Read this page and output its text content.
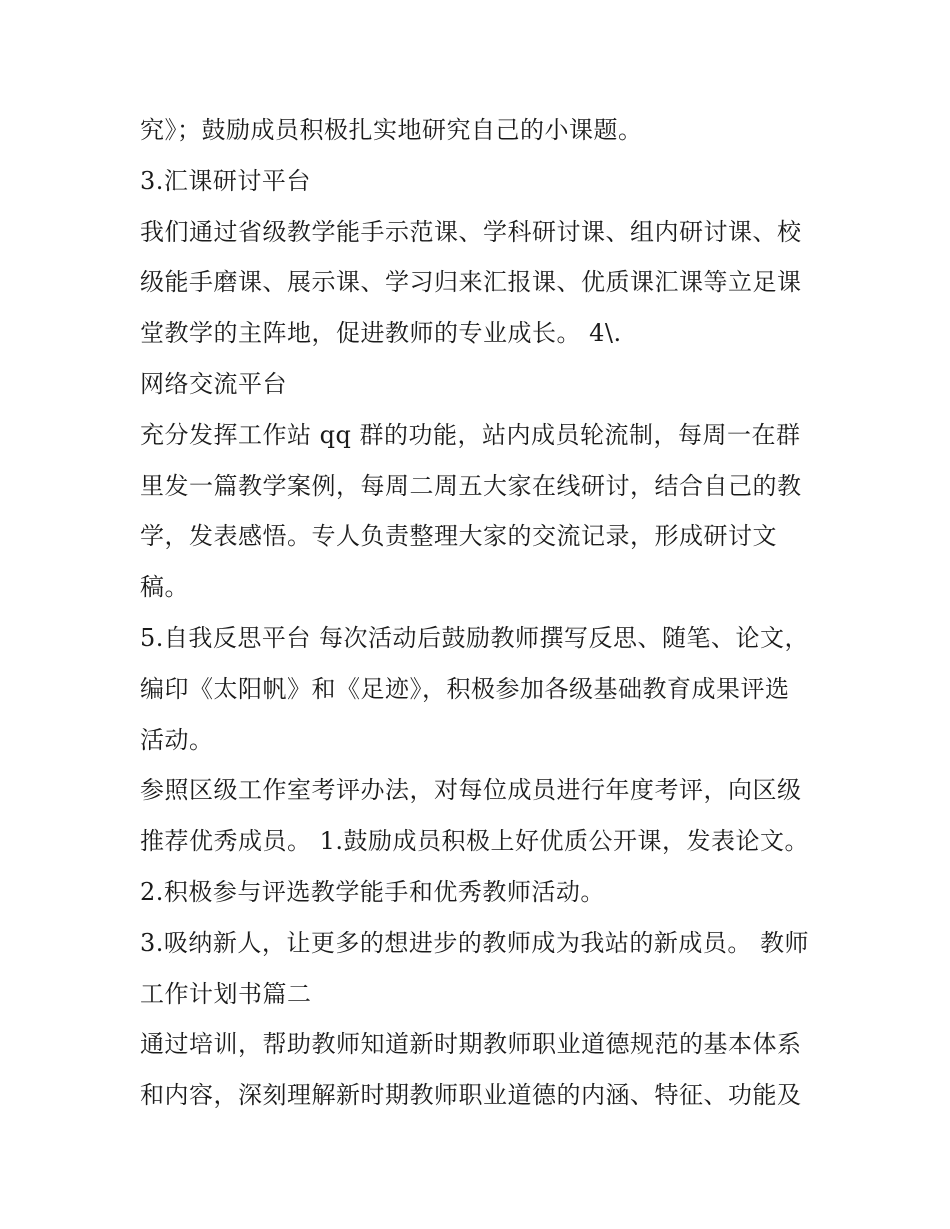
究》；鼓励成员积极扎实地研究自己的小课题。
3.汇课研讨平台
我们通过省级教学能手示范课、学科研讨课、组内研讨课、校
级能手磨课、展示课、学习归来汇报课、优质课汇课等立足课
堂教学的主阵地，促进教师的专业成长。 4\.
网络交流平台
充分发挥工作站 qq 群的功能，站内成员轮流制，每周一在群
里发一篇教学案例，每周二周五大家在线研讨，结合自己的教
学，发表感悟。专人负责整理大家的交流记录，形成研讨文
稿。
5.自我反思平台 每次活动后鼓励教师撰写反思、随笔、论文，
编印《太阳帆》和《足迹》，积极参加各级基础教育成果评选
活动。
参照区级工作室考评办法，对每位成员进行年度考评，向区级
推荐优秀成员。 1.鼓励成员积极上好优质公开课，发表论文。
2.积极参与评选教学能手和优秀教师活动。
3.吸纳新人，让更多的想进步的教师成为我站的新成员。 教师
工作计划书篇二
通过培训，帮助教师知道新时期教师职业道德规范的基本体系
和内容，深刻理解新时期教师职业道德的内涵、特征、功能及
